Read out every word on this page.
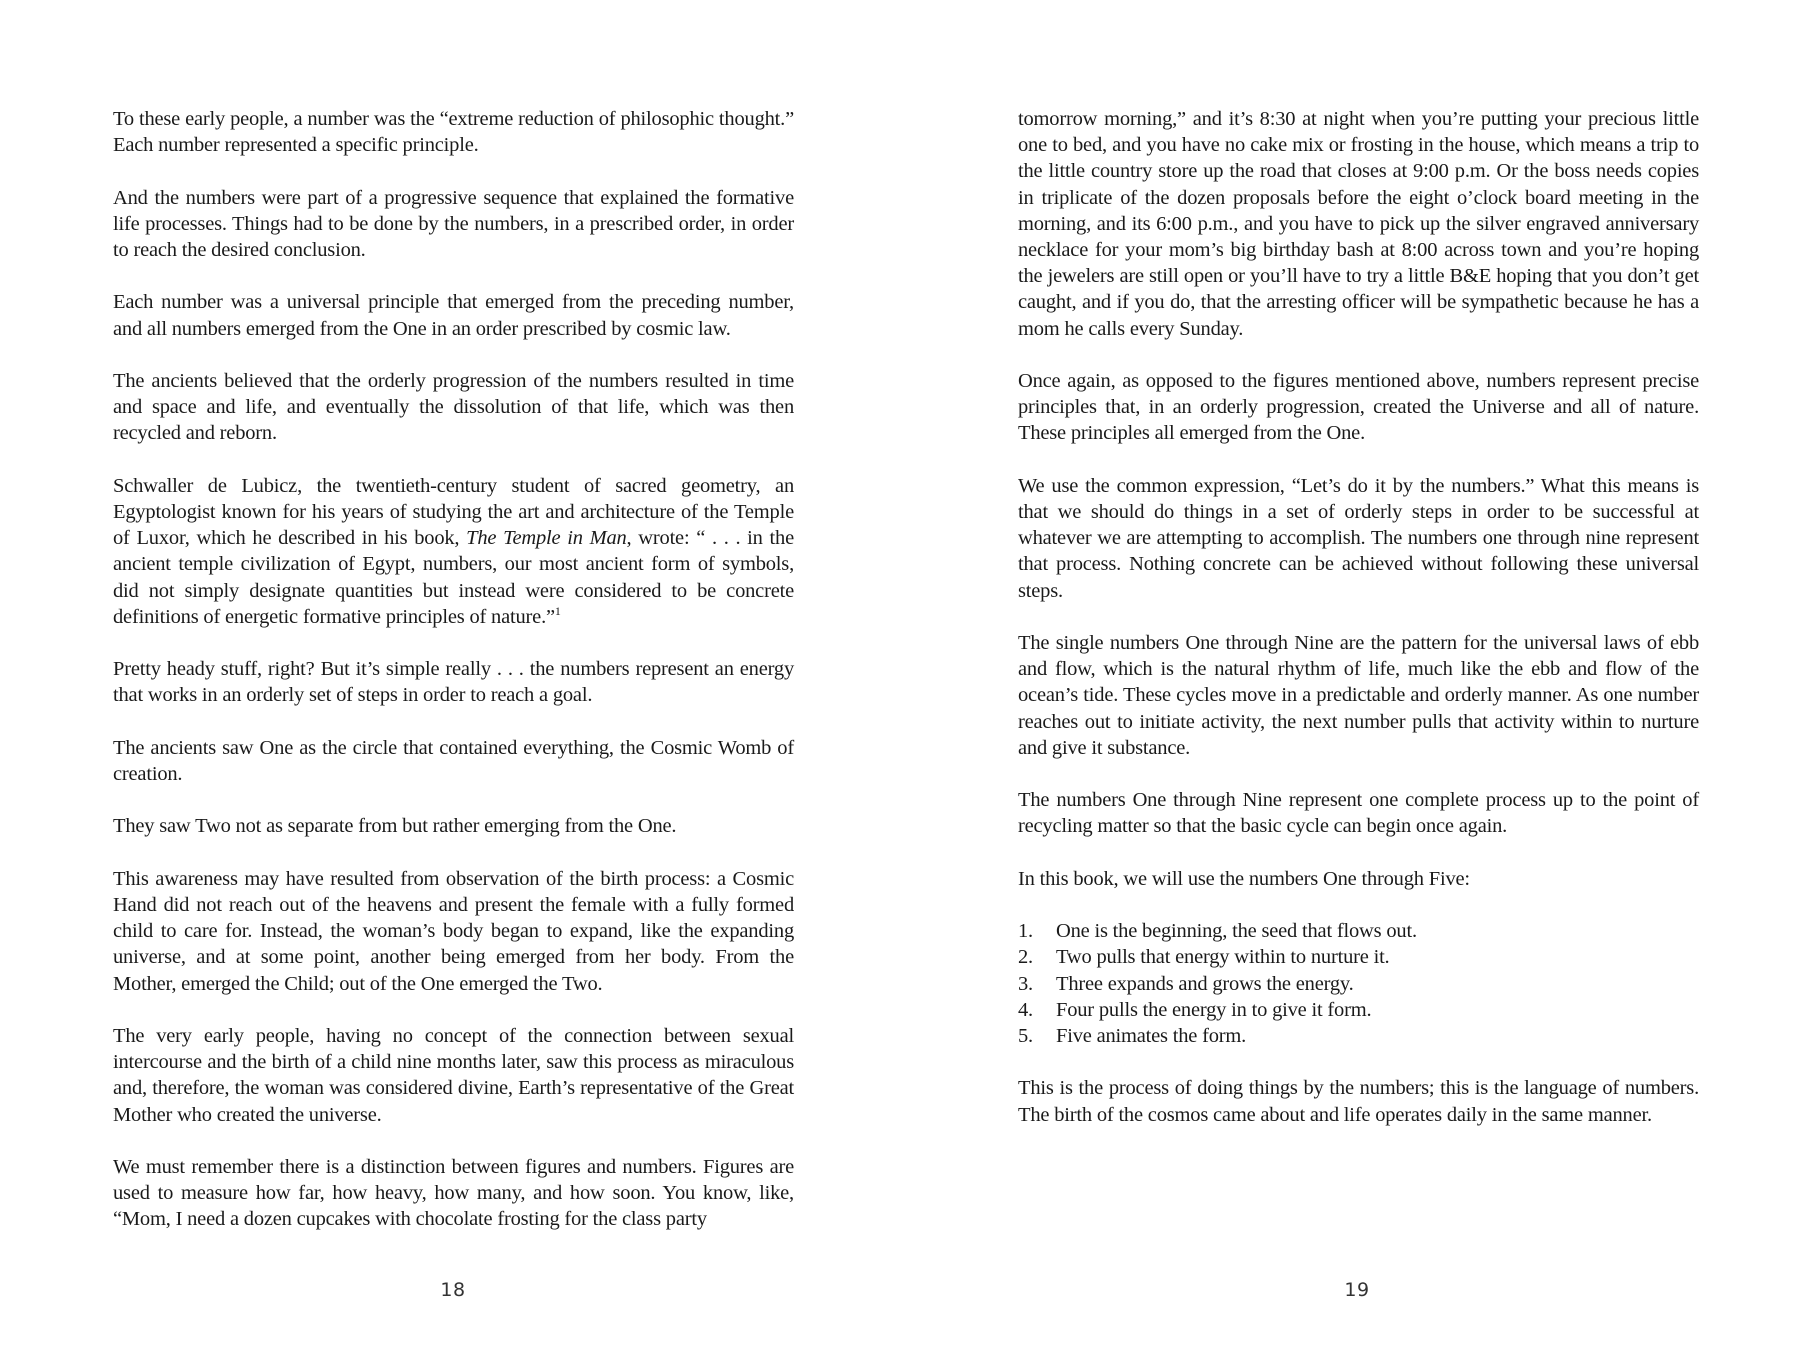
To these early people, a number was the “extreme reduction of philosophic thought.” Each number represented a specific principle.

And the numbers were part of a progressive sequence that explained the formative life processes. Things had to be done by the numbers, in a prescribed order, in order to reach the desired conclusion.

Each number was a universal principle that emerged from the preceding number, and all numbers emerged from the One in an order prescribed by cosmic law.

The ancients believed that the orderly progression of the numbers resulted in time and space and life, and eventually the dissolution of that life, which was then recycled and reborn.

Schwaller de Lubicz, the twentieth-century student of sacred geometry, an Egyptologist known for his years of studying the art and architecture of the Temple of Luxor, which he described in his book, The Temple in Man, wrote: “ . . . in the ancient temple civilization of Egypt, numbers, our most ancient form of symbols, did not simply designate quantities but instead were considered to be concrete definitions of energetic formative principles of nature.”$^1$

Pretty heady stuff, right? But it’s simple really . . . the numbers represent an energy that works in an orderly set of steps in order to reach a goal.

The ancients saw One as the circle that contained everything, the Cosmic Womb of creation.

They saw Two not as separate from but rather emerging from the One.

This awareness may have resulted from observation of the birth process: a Cosmic Hand did not reach out of the heavens and present the female with a fully formed child to care for. Instead, the woman’s body began to expand, like the expanding universe, and at some point, another being emerged from her body. From the Mother, emerged the Child; out of the One emerged the Two.

The very early people, having no concept of the connection between sexual intercourse and the birth of a child nine months later, saw this process as miraculous and, therefore, the woman was considered divine, Earth’s representative of the Great Mother who created the universe.

We must remember there is a distinction between figures and numbers. Figures are used to measure how far, how heavy, how many, and how soon. You know, like, “Mom, I need a dozen cupcakes with chocolate frosting for the class party

18

tomorrow morning,” and it’s 8:30 at night when you’re putting your precious little one to bed, and you have no cake mix or frosting in the house, which means a trip to the little country store up the road that closes at 9:00 p.m. Or the boss needs copies in triplicate of the dozen proposals before the eight o’clock board meeting in the morning, and its 6:00 p.m., and you have to pick up the silver engraved anniversary necklace for your mom’s big birthday bash at 8:00 across town and you’re hoping the jewelers are still open or you’ll have to try a little B&E hoping that you don’t get caught, and if you do, that the arresting officer will be sympathetic because he has a mom he calls every Sunday.

Once again, as opposed to the figures mentioned above, numbers represent precise principles that, in an orderly progression, created the Universe and all of nature. These principles all emerged from the One.

We use the common expression, “Let’s do it by the numbers.” What this means is that we should do things in a set of orderly steps in order to be successful at whatever we are attempting to accomplish. The numbers one through nine represent that process. Nothing concrete can be achieved without following these universal steps.

The single numbers One through Nine are the pattern for the universal laws of ebb and flow, which is the natural rhythm of life, much like the ebb and flow of the ocean’s tide. These cycles move in a predictable and orderly manner. As one number reaches out to initiate activity, the next number pulls that activity within to nurture and give it substance.

The numbers One through Nine represent one complete process up to the point of recycling matter so that the basic cycle can begin once again.

In this book, we will use the numbers One through Five:

1. One is the beginning, the seed that flows out.
2. Two pulls that energy within to nurture it.
3. Three expands and grows the energy.
4. Four pulls the energy in to give it form.
5. Five animates the form.

This is the process of doing things by the numbers; this is the language of numbers. The birth of the cosmos came about and life operates daily in the same manner.

19
